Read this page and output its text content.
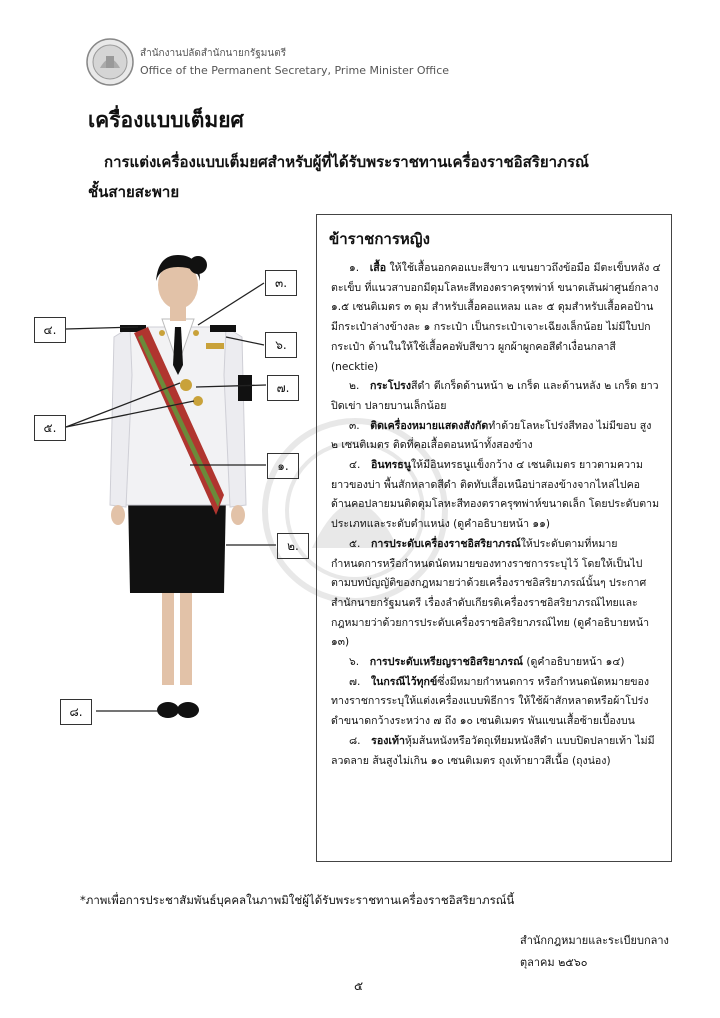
สำนักงานปลัดสำนักนายกรัฐมนตรี
Office of the Permanent Secretary, Prime Minister Office
เครื่องแบบเต็มยศ
การแต่งเครื่องแบบเต็มยศสำหรับผู้ที่ได้รับพระราชทานเครื่องราชอิสริยาภรณ์
ชั้นสายสะพาย
๓.
๔.
๖.
๗.
๕.
๑.
๒.
๘.
ข้าราชการหญิง

๑.  เสื้อ ให้ใช้เสื้อนอกคอแบะสีขาว แขนยาวถึงข้อมือ มีตะเข็บหลัง ๔ ตะเข็บ ที่แนวสาบอกมีดุมโลหะสีทองตราครุฑพ่าห์ ขนาดเส้นผ่าศูนย์กลาง ๑.๕ เซนติเมตร ๓ ดุม สำหรับเสื้อคอแหลม และ ๕ ดุมสำหรับเสื้อคอป้าน มีกระเป๋าล่างข้างละ ๑ กระเป๋า เป็นกระเป๋าเจาะเฉียงเล็กน้อย ไม่มีใบปกกระเป๋า ด้านในให้ใช้เสื้อคอพับสีขาว ผูกผ้าผูกคอสีดำเงื่อนกลาสี (necktie)

๒.  กระโปรงสีดำ ตีเกร็ดด้านหน้า ๒ เกร็ด และด้านหลัง ๒ เกร็ด ยาวปิดเข่า ปลายบานเล็กน้อย

๓.  ติดเครื่องหมายแสดงสังกัดทำด้วยโลหะโปร่งสีทอง ไม่มีขอบ สูง ๒ เซนติเมตร ติดที่คอเสื้อตอนหน้าทั้งสองข้าง

๔.  อินทรธนูให้มีอินทรธนูแข็งกว้าง ๔ เซนติเมตร ยาวตามความยาวของบ่า พื้นสักหลาดสีดำ ติดทับเสื้อเหนือบ่าสองข้างจากไหล่ไปคอ ด้านคอปลายมนติดดุมโลหะสีทองตราครุฑพ่าห์ขนาดเล็ก โดยประดับตามประเภทและระดับตำแหน่ง (ดูคำอธิบายหน้า ๑๑)

๕.  การประดับเครื่องราชอิสริยาภรณ์ให้ประดับตามที่หมายกำหนดการหรือกำหนดนัดหมายของทางราชการระบุไว้ โดยให้เป็นไปตามบทบัญญัติของกฎหมายว่าด้วยเครื่องราชอิสริยาภรณ์นั้นๆ ประกาศสำนักนายกรัฐมนตรี เรื่องลำดับเกียรติเครื่องราชอิสริยาภรณ์ไทยและกฎหมายว่าด้วยการประดับเครื่องราชอิสริยาภรณ์ไทย (ดูคำอธิบายหน้า ๑๓)

๖.  การประดับเหรียญราชอิสริยาภรณ์ (ดูคำอธิบายหน้า ๑๔)

๗.  ในกรณีไว้ทุกข์ซึ่งมีหมายกำหนดการ หรือกำหนดนัดหมายของทางราชการระบุให้แต่งเครื่องแบบพิธีการ ให้ใช้ผ้าสักหลาดหรือผ้าโปร่งดำขนาดกว้างระหว่าง ๗ ถึง ๑๐ เซนติเมตร พันแขนเสื้อซ้ายเบื้องบน

๘.  รองเท้าหุ้มส้นหนังหรือวัตถุเทียมหนังสีดำ แบบปิดปลายเท้า ไม่มีลวดลาย ส้นสูงไม่เกิน ๑๐ เซนติเมตร ถุงเท้ายาวสีเนื้อ (ถุงน่อง)

*ภาพเพื่อการประชาสัมพันธ์บุคคลในภาพมิใช่ผู้ได้รับพระราชทานเครื่องราชอิสริยาภรณ์นี้
สำนักกฎหมายและระเบียบกลาง
ตุลาคม ๒๕๖๐
๕
